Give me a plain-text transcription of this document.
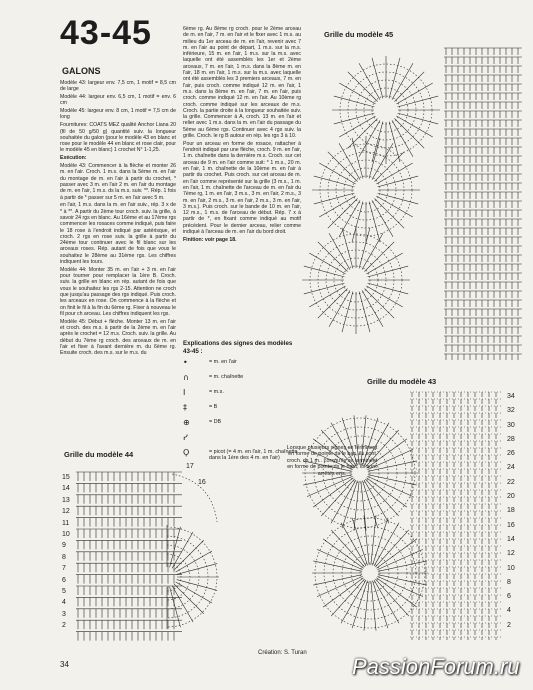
43-45
GALONS

Modèle 43: largeur env. 7,5 cm, 1 motif = 8,5 cm de large

Modèle 44: largeur env. 6,5 cm, 1 motif = env. 6 cm

Modèle 45: largeur env. 8 cm, 1 motif = 7,5 cm de long

Fournitures: COATS MEZ qualité Anchor Liana 20 (fil de 50 g/50 g) quantité suiv. la longueur souhaitée du galon (pour le modèle 43 en blanc et rose pour le modèle 44 en blanc et rose clair, pour le modèle 45 en blanc) 1 crochet N° 1-1,25.

Exécution:

Modèle 43: Commencer à la flèche et monter 26 m. en l'air. Croch. 1 m.s. dans la 5ème m. en l'air du montage de m. en l'air à partir du crochet, * passer avec 3 m. en l'air 2 m. en l'air du montage de m. en l'air, 1 m.s. ds la m.s. suiv. **. Rép. 1 fois à partir de * passer sur 5 m. en l'air avec 5 m.

en l'air, 1 m.s. dans la m. en l'air suiv., rép. 3 x de * à **. A partir du 2ème tour croch. suiv. la grille, à savoir 24 rgs en blanc. Au 16ème et au 17ème rgs commencer les rosaces comme indiqué, puis faire le 18 rose à l'endroit indiqué par astérisque, et croch. 2 rgs en rose suiv. la grille à partir du 24ème tour continuer avec le fil blanc sur les arceaux roses. Rép. autant de fois que vous le souhaitez le 28ème au 31ème rgs. Les chiffres indiquent les tours.

Modèle 44: Monter 35 m. en l'air + 3 m. en l'air pour tourner pour remplacer la 1ère B. Croch. suiv. la grille en blanc en rép. autant de fois que vous le souhaitez les rgs 2-15. Attention ne croch que jusqu'au passage des rgs indiqué. Puis croch. les arceaux en rose. On commence à la flèche et on finit le fil à la fin du 6ème rg. Fixer à nouveau le fil pour ch arceau. Les chiffres indiquent les rgs.

Modèle 45: Début + flèche. Monter 13 m. en l'air et croch. des m.s. à partir de la 2ème m. en l'air après le crochet = 12 m.s. Croch. suiv. la grille. Au début du 7ème rg croch. des arceaux de m. en l'air et fixer à l'avant dernière m. du 6ème rg. Ensuite croch. des m.s. sur le m.s. du

6ème rg. Au 8ème rg croch. pour le 2ème arceau de m. en l'air, 7 m. en l'air et le fixer avec 1 m.s. au milieu du 1er arceau de m. en l'air, revenir avec 7 m. en l'air au point de départ, 1 m.s. sur la m.s. inférieure, 15 m. en l'air, 1 m.s. sur la m.s. avec laquelle ont été assemblés les 1er et 2ème arceaux, 7 m. en l'air, 1 m.s. dans la 8ème m. en l'air, 18 m. en l'air, 1 m.s. sur la m.s. avec laquelle ont été assemblés les 3 premiers arceaux, 7 m. en l'air, puis croch. comme indiqué 12 m. en l'air, 1 m.s. dans la 8ème m. en l'air, 7 m. en l'air, puis croch. comme indiqué 12 m. en l'air. Au 10ème rg croch. comme indiqué sur les arceaux de m.s. Croch. la partie droite à la longueur souhaitée suiv. la grille. Commencer à A, croch. 13 m. en l'air et relier avec 1 m.s. dans la m. en l'air du passage du 5ème au 6ème rgs. Continuer avec 4 rgs suiv. la grille. Croch. le rg B autour en rép. les rgs 3 à 10.

Pour un arceau en forme de rosace, rattacher à l'endroit indiqué par une flèche, croch. 9 m. en l'air, 1 m. chaînette dans la dernière m.s. Croch. sur cet arceau de 9 m. en l'air comme suit: * 1 m.s., 20 m. en l'air, 1 m. chaînette de la 10ème m. en l'air à partir du crochet. Puis croch. sur cet arceau de m. en l'air comme représenté sur la grille (3 m.s., 1 m. en l'air, 1 m. chaînette de l'arceau de m. en l'air du 7ème rg, 1 m. en l'air, 3 m.s., 3 m. en l'air, 2 m.s., 3 m. en l'air, 2 m.s., 3 m. en l'air, 2 m.s., 3 m. en l'air, 3 m.s.). Puis croch. sur le bande de 10 m. en l'air, 12 m.s., 1 m.s. de l'arceau de début. Rép. 7 x à partir de *, en fixant comme indiqué au motif précédent. Pour le dernier arceau, relier comme indiqué à l'arceau de m. en l'air du bord droit.

Finition: voir page 18.

Explications des signes des modèles 43-45 :
•	= m. en l'air
∩	= m. chaînette
I	= m.s.
‡	= B
⊕	= DB
ᓯ
Ϙ	= picot (= 4 m. en l'air, 1 m. chaînette dans la 1ère des 4 m. en l'air)
Lorsque plusieurs signes se terminent en forme de pointe ds le bas, ils sont croch. ds 1 m.. Lorsqu'ils se terminent en forme de pointe ds le haut, ils sont arrêtés ens.
Grille du modèle 45
Grille du modèle 43
34
32
30
28
26
24
22
20
18
16
14
12
10
8
6
4
2
Grille du modèle 44
15
14
13
12
11
10
9
8
7
6
5
4
3
2
17
16
Création: S. Turan
34	PassionForum.ru
